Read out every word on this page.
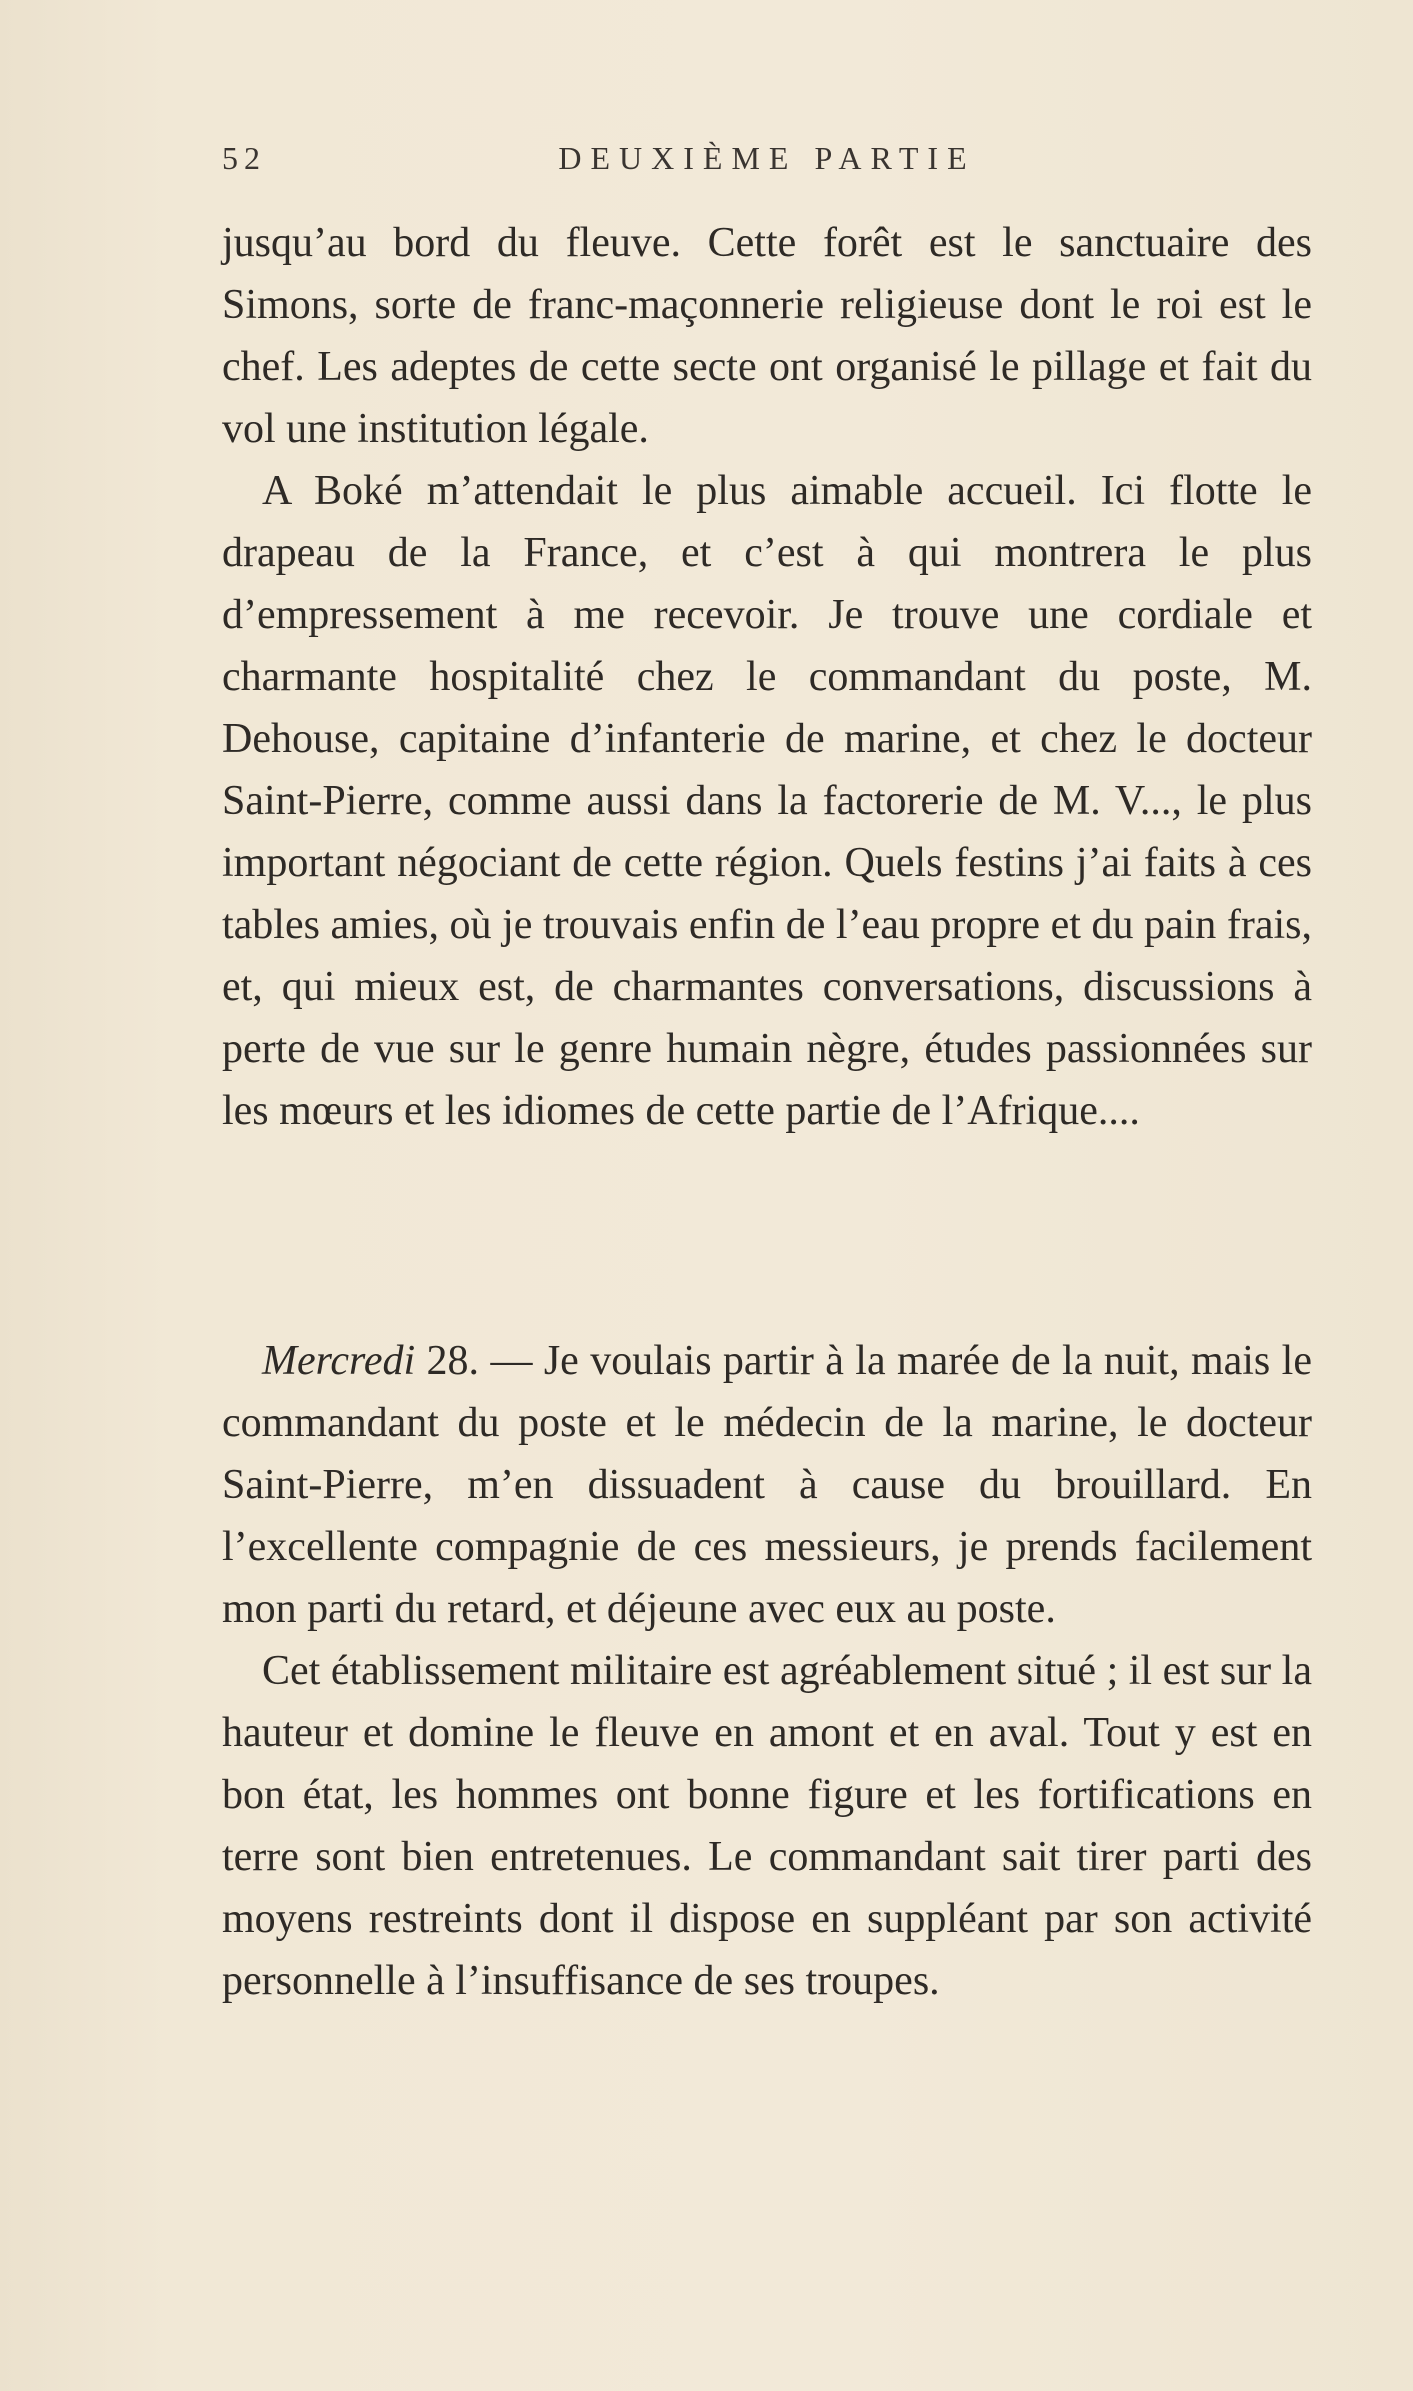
52	DEUXIÈME PARTIE

jusqu’au bord du fleuve. Cette forêt est le sanctuaire des Simons, sorte de franc-maçonnerie religieuse dont le roi est le chef. Les adeptes de cette secte ont organisé le pillage et fait du vol une institution légale.

A Boké m’attendait le plus aimable accueil. Ici flotte le drapeau de la France, et c’est à qui montrera le plus d’empressement à me recevoir. Je trouve une cordiale et charmante hospitalité chez le commandant du poste, M. Dehouse, capitaine d’infanterie de marine, et chez le docteur Saint-Pierre, comme aussi dans la factorerie de M. V..., le plus important négociant de cette région. Quels festins j’ai faits à ces tables amies, où je trouvais enfin de l’eau propre et du pain frais, et, qui mieux est, de charmantes conversations, discussions à perte de vue sur le genre humain nègre, études passionnées sur les mœurs et les idiomes de cette partie de l’Afrique....

Mercredi 28. — Je voulais partir à la marée de la nuit, mais le commandant du poste et le médecin de la marine, le docteur Saint-Pierre, m’en dissuadent à cause du brouillard. En l’excellente compagnie de ces messieurs, je prends facilement mon parti du retard, et déjeune avec eux au poste.

Cet établissement militaire est agréablement situé ; il est sur la hauteur et domine le fleuve en amont et en aval. Tout y est en bon état, les hommes ont bonne figure et les fortifications en terre sont bien entretenues. Le commandant sait tirer parti des moyens restreints dont il dispose en suppléant par son activité personnelle à l’insuffisance de ses troupes.
